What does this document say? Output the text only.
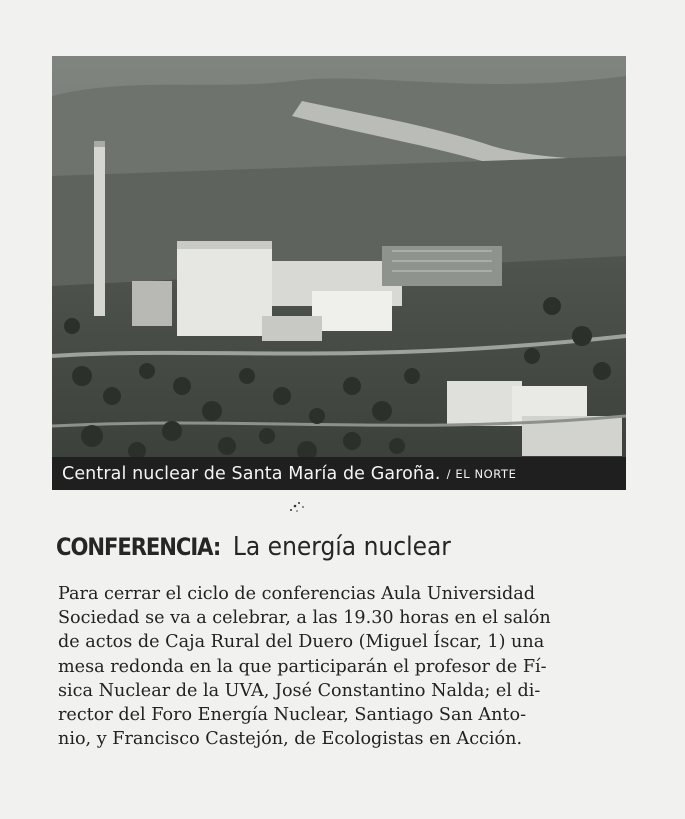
Central nuclear de Santa María de Garoña. / EL NORTE
CONFERENCIA: La energía nuclear
Para cerrar el ciclo de conferencias Aula Universidad
Sociedad se va a celebrar, a las 19.30 horas en el salón
de actos de Caja Rural del Duero (Miguel Íscar, 1) una
mesa redonda en la que participarán el profesor de Fí-
sica Nuclear de la UVA, José Constantino Nalda; el di-
rector del Foro Energía Nuclear, Santiago San Anto-
nio, y Francisco Castejón, de Ecologistas en Acción.
